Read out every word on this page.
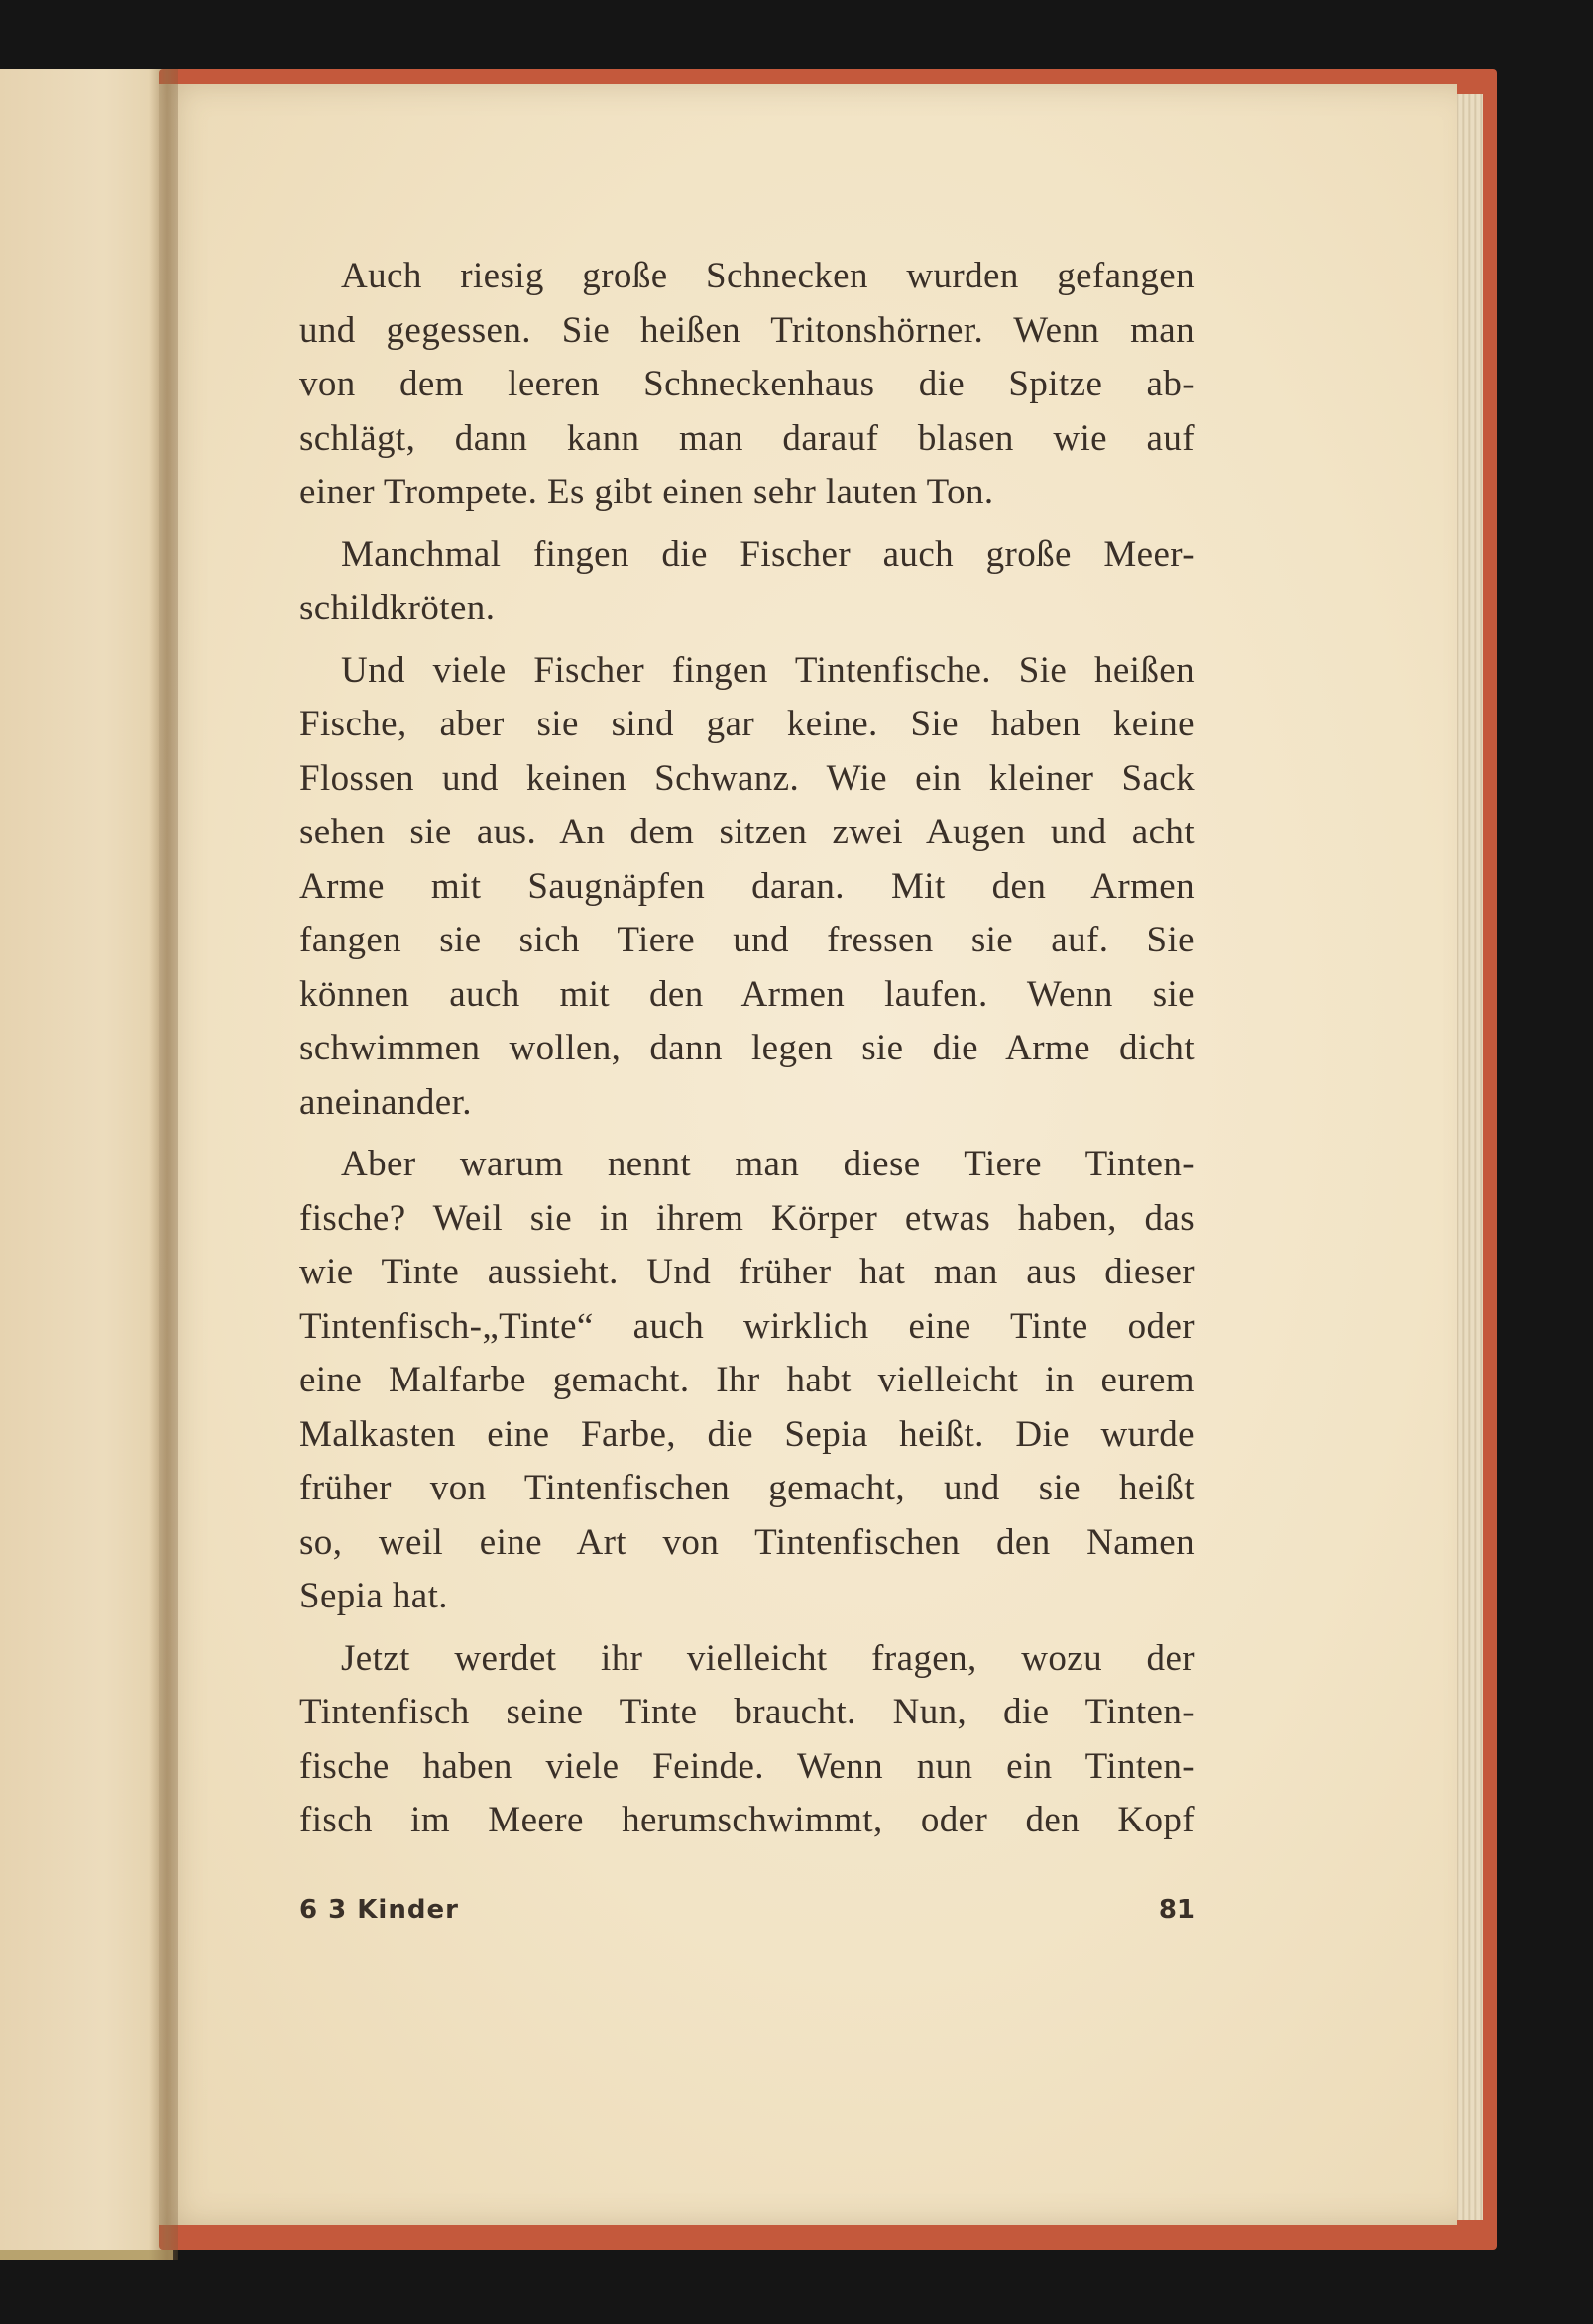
Auch riesig große Schnecken wurden gefangen
und gegessen. Sie heißen Tritonshörner. Wenn man
von dem leeren Schneckenhaus die Spitze ab-
schlägt, dann kann man darauf blasen wie auf
einer Trompete. Es gibt einen sehr lauten Ton.
Manchmal fingen die Fischer auch große Meer-
schildkröten.
Und viele Fischer fingen Tintenfische. Sie heißen
Fische, aber sie sind gar keine. Sie haben keine
Flossen und keinen Schwanz. Wie ein kleiner Sack
sehen sie aus. An dem sitzen zwei Augen und acht
Arme mit Saugnäpfen daran. Mit den Armen
fangen sie sich Tiere und fressen sie auf. Sie
können auch mit den Armen laufen. Wenn sie
schwimmen wollen, dann legen sie die Arme dicht
aneinander.
Aber warum nennt man diese Tiere Tinten-
fische? Weil sie in ihrem Körper etwas haben, das
wie Tinte aussieht. Und früher hat man aus dieser
Tintenfisch-„Tinte“ auch wirklich eine Tinte oder
eine Malfarbe gemacht. Ihr habt vielleicht in eurem
Malkasten eine Farbe, die Sepia heißt. Die wurde
früher von Tintenfischen gemacht, und sie heißt
so, weil eine Art von Tintenfischen den Namen
Sepia hat.
Jetzt werdet ihr vielleicht fragen, wozu der
Tintenfisch seine Tinte braucht. Nun, die Tinten-
fische haben viele Feinde. Wenn nun ein Tinten-
fisch im Meere herumschwimmt, oder den Kopf
6 3 Kinder	81
